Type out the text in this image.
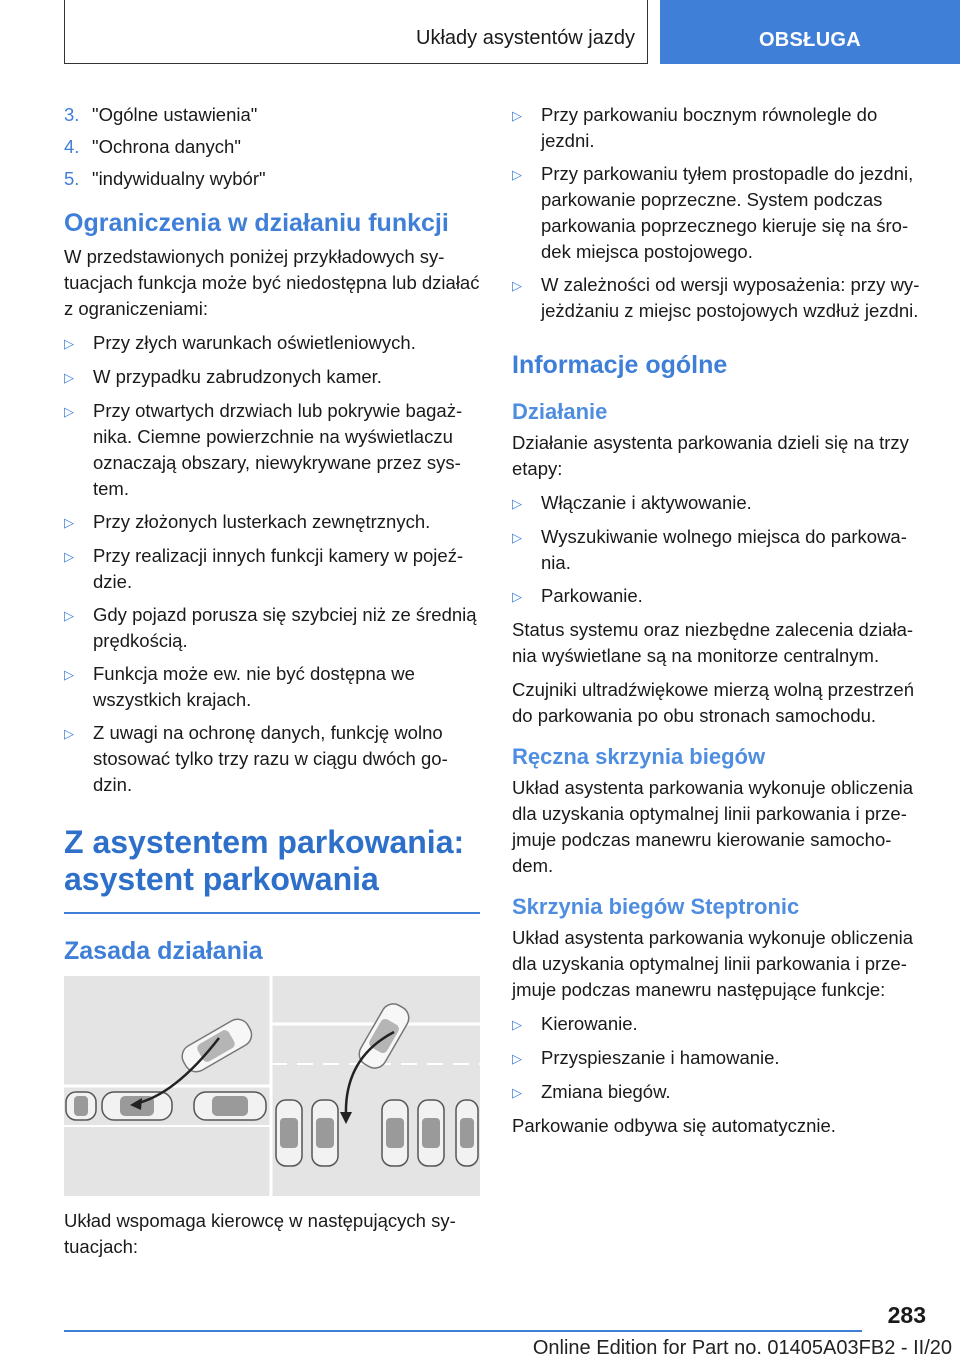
Układy asystentów jazdy	OBSŁUGA
3. "Ogólne ustawienia"
4. "Ochrona danych"
5. "indywidualny wybór"
Ograniczenia w działaniu funkcji

W przedstawionych poniżej przykładowych sytuacjach funkcja może być niedostępna lub działać z ograniczeniami:

▷	Przy złych warunkach oświetleniowych.
▷	W przypadku zabrudzonych kamer.
▷	Przy otwartych drzwiach lub pokrywie bagażnika. Ciemne powierzchnie na wyświetlaczu oznaczają obszary, niewykrywane przez system.
▷	Przy złożonych lusterkach zewnętrznych.
▷	Przy realizacji innych funkcji kamery w pojeździe.
▷	Gdy pojazd porusza się szybciej niż ze średnią prędkością.
▷	Funkcja może ew. nie być dostępna we wszystkich krajach.
▷	Z uwagi na ochronę danych, funkcję wolno stosować tylko trzy razu w ciągu dwóch godzin.
Z asystentem parkowania:
asystent parkowania
Zasada działania

Układ wspomaga kierowcę w następujących sytuacjach:

▷	Przy parkowaniu bocznym równolegle do jezdni.
▷	Przy parkowaniu tyłem prostopadle do jezdni, parkowanie poprzeczne. System podczas parkowania poprzecznego kieruje się na środek miejsca postojowego.
▷	W zależności od wersji wyposażenia: przy wyjeżdżaniu z miejsc postojowych wzdłuż jezdni.
Informacje ogólne
Działanie

Działanie asystenta parkowania dzieli się na trzy etapy:

▷	Włączanie i aktywowanie.
▷	Wyszukiwanie wolnego miejsca do parkowania.
▷	Parkowanie.

Status systemu oraz niezbędne zalecenia działania wyświetlane są na monitorze centralnym.

Czujniki ultradźwiękowe mierzą wolną przestrzeń do parkowania po obu stronach samochodu.

Ręczna skrzynia biegów

Układ asystenta parkowania wykonuje obliczenia dla uzyskania optymalnej linii parkowania i przejmuje podczas manewru kierowanie samochodem.

Skrzynia biegów Steptronic

Układ asystenta parkowania wykonuje obliczenia dla uzyskania optymalnej linii parkowania i przejmuje podczas manewru następujące funkcje:

▷	Kierowanie.
▷	Przyspieszanie i hamowanie.
▷	Zmiana biegów.

Parkowanie odbywa się automatycznie.

283
Online Edition for Part no. 01405A03FB2 - II/20
